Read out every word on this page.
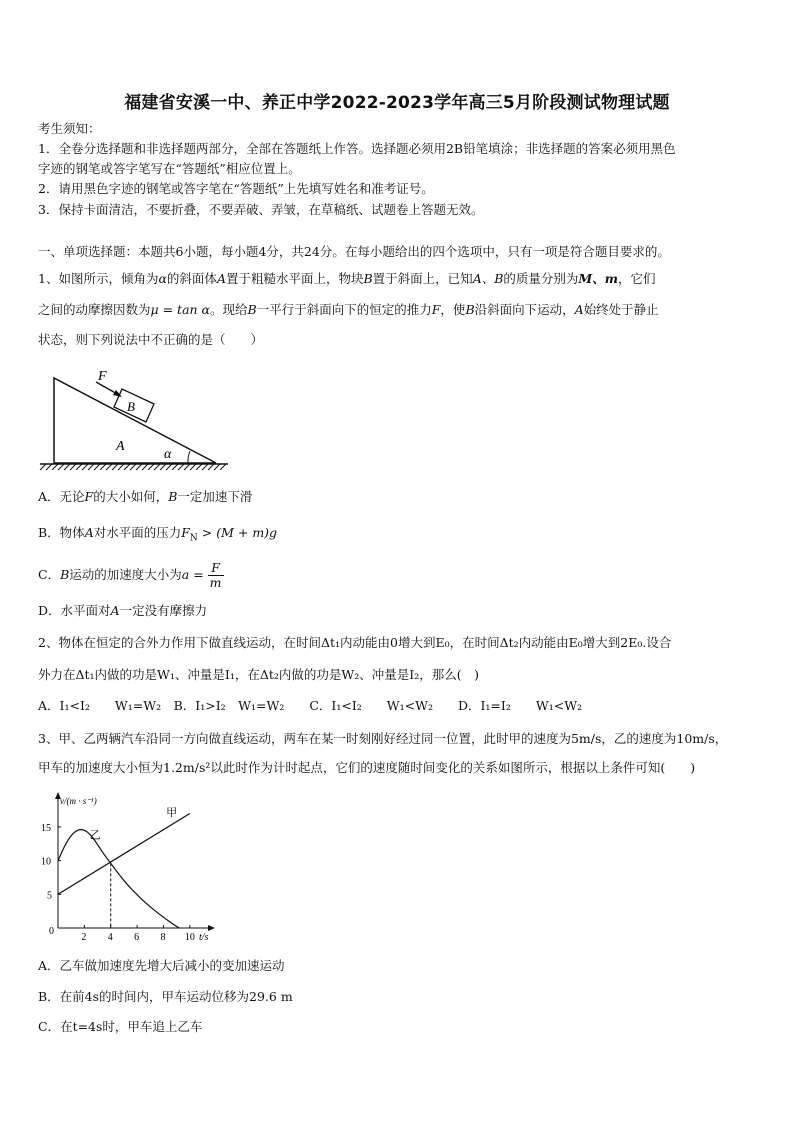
福建省安溪一中、养正中学2022-2023学年高三5月阶段测试物理试题
考生须知：
1．全卷分选择题和非选择题两部分，全部在答题纸上作答。选择题必须用2B铅笔填涂；非选择题的答案必须用黑色
字迹的钢笔或答字笔写在“答题纸”相应位置上。
2．请用黑色字迹的钢笔或答字笔在“答题纸”上先填写姓名和准考证号。
3．保持卡面清洁，不要折叠，不要弄破、弄皱，在草稿纸、试题卷上答题无效。
一、单项选择题：本题共6小题，每小题4分，共24分。在每小题给出的四个选项中，只有一项是符合题目要求的。
1、如图所示，倾角为α的斜面体A置于粗糙水平面上，物块B置于斜面上，已知A、B的质量分别为M、m，它们
之间的动摩擦因数为μ = tan α。现给B一平行于斜面向下的恒定的推力F，使B沿斜面向下运动，A始终处于静止
状态，则下列说法中不正确的是（　　）
F
B
A
α
A．无论F的大小如何，B一定加速下滑
B．物体A对水平面的压力$F_N > (M + m)g$
C．B运动的加速度大小为$a = \frac{F}{m}$
D．水平面对A一定没有摩擦力
2、物体在恒定的合外力作用下做直线运动，在时间Δt₁内动能由0增大到E₀，在时间Δt₂内动能由E₀增大到2E₀.设合
外力在Δt₁内做的功是W₁、冲量是I₁，在Δt₂内做的功是W₂、冲量是I₂，那么(　)
A．I₁<I₂　　W₁=W₂　B．I₁>I₂　W₁=W₂　　C．I₁<I₂　　W₁<W₂　　D．I₁=I₂　　W₁<W₂
3、甲、乙两辆汽车沿同一方向做直线运动，两车在某一时刻刚好经过同一位置，此时甲的速度为5m/s，乙的速度为10m/s，
甲车的加速度大小恒为1.2m/s²以此时作为计时起点，它们的速度随时间变化的关系如图所示，根据以上条件可知(　　)
v/(m · s⁻¹)
t/s
0
2 4 6 8 10
5
10
15
甲
乙
A．乙车做加速度先增大后减小的变加速运动
B．在前4s的时间内，甲车运动位移为29.6 m
C．在t=4s时，甲车追上乙车
